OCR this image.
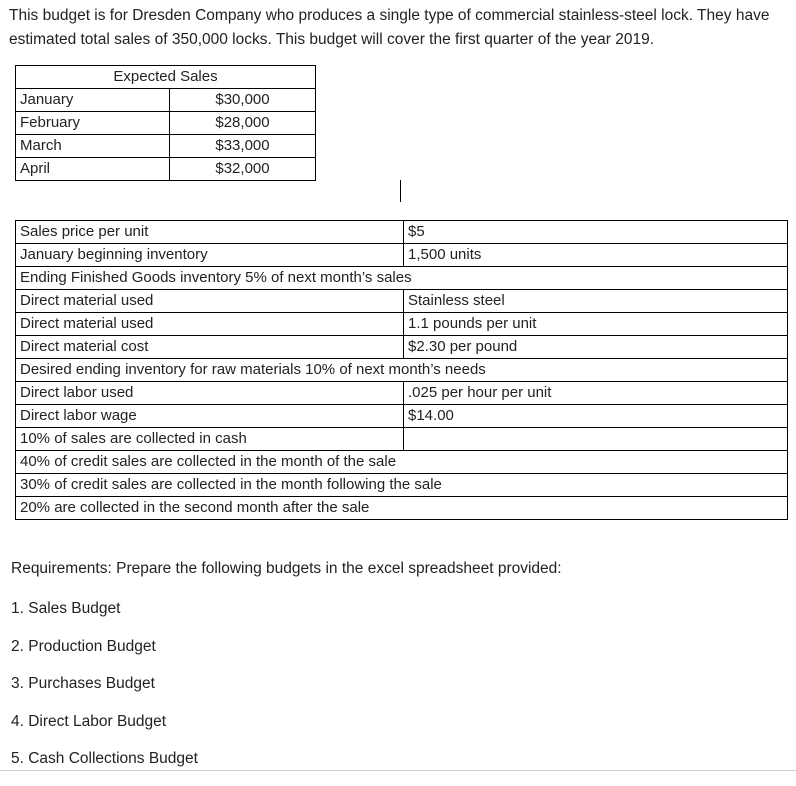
This budget is for Dresden Company who produces a single type of commercial stainless-steel lock. They have estimated total sales of 350,000 locks. This budget will cover the first quarter of the year 2019.

Expected Sales	
January	$30,000
February	$28,000
March	$33,000
April	$32,000
Sales price per unit	$5
January beginning inventory	1,500 units
Ending Finished Goods inventory 5% of next month’s sales	
Direct material used	Stainless steel
Direct material used	1.1 pounds per unit
Direct material cost	$2.30 per pound
Desired ending inventory for raw materials 10% of next month’s needs	
Direct labor used	.025 per hour per unit
Direct labor wage	$14.00
10% of sales are collected in cash	
40% of credit sales are collected in the month of the sale	
30% of credit sales are collected in the month following the sale	
20% are collected in the second month after the sale	

Requirements: Prepare the following budgets in the excel spreadsheet provided:

1. Sales Budget
2. Production Budget
3. Purchases Budget
4. Direct Labor Budget
5. Cash Collections Budget
